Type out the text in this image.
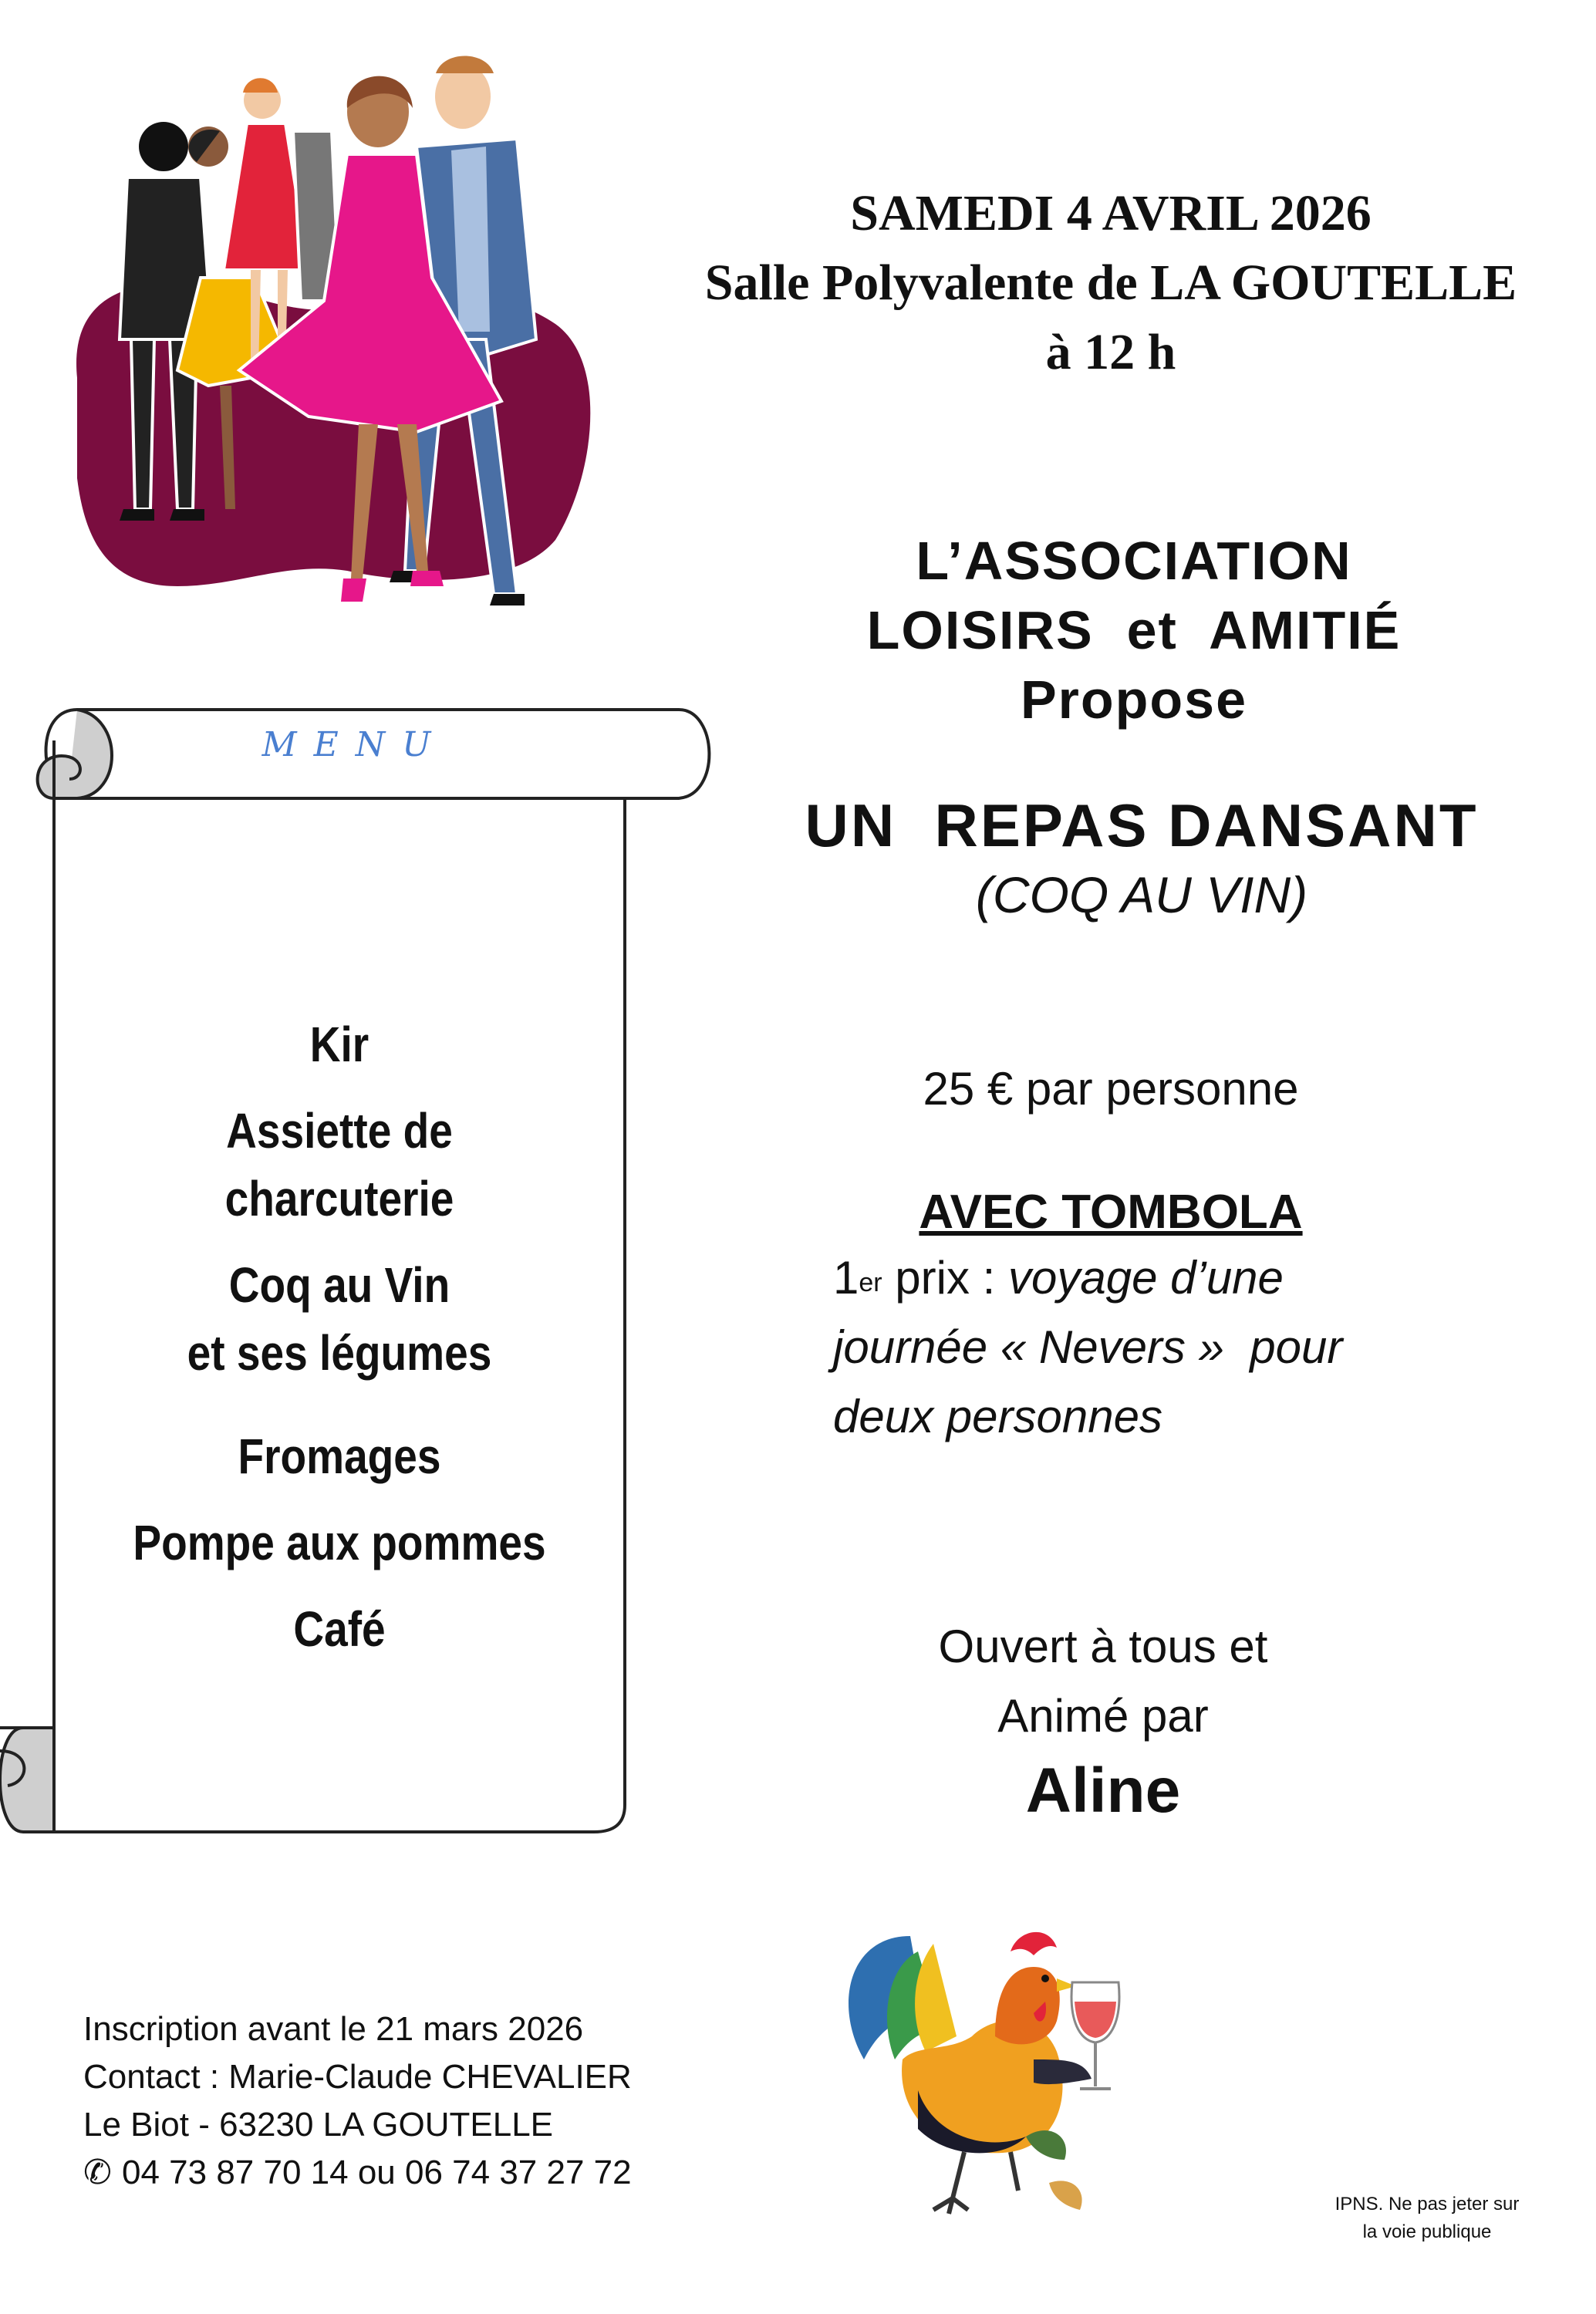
SAMEDI 4 AVRIL 2026
Salle Polyvalente de LA GOUTELLE
à 12 h
L’ASSOCIATION
LOISIRS  et  AMITIÉ
Propose
UN  REPAS DANSANT
(COQ AU VIN)
25 € par personne
AVEC TOMBOLA
1er prix : voyage d’une
journée « Nevers »  pour
deux personnes
Ouvert à tous et
Animé par
Aline
MENU
Kir
Assiette de
charcuterie
Coq au Vin
et ses légumes
Fromages
Pompe aux pommes
Café
Inscription avant le 21 mars 2026
Contact : Marie-Claude CHEVALIER
Le Biot - 63230 LA GOUTELLE
✆ 04 73 87 70 14 ou 06 74 37 27 72
IPNS. Ne pas jeter sur
la voie publique
